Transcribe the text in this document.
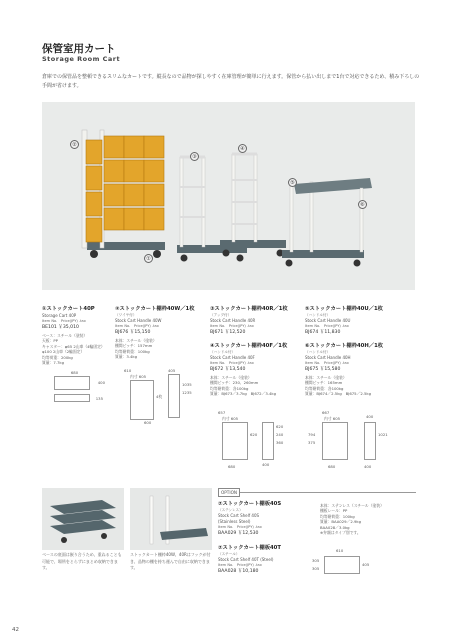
保管室用カート
Storage Room Cart
倉庫での保管品を整頓できるスリムなカートです。縦長なので品物が探しやすく在庫管理が簡単に行えます。保管から払い出しまで1台で対応できるため、積み下ろしの手間が省けます。
②
①
③
④
⑤
⑥
①ストックカート40P
Storage Cart 40P
Item No.　Price(JPY) .tax
BE101 ￥35,010
ベース：スチール（塗装）
天板：PP
キャスター：φ65 2山車（4輪固定）
φ100 2山車（2輪固定）
均等荷重：200kg
質量：7.7kg
680
400
135
②ストックカート棚枠40W／1枚
（ワイヤ付）
Stock Cart Handle 40W
Item No.　Price(JPY) .tax
BJ676 ￥15,150
本体：スチール（塗装）
棚間ピッチ：157mm
均等耐荷重：100kg
質量：3.4kg
610
内寸 605
405
1035
1235
4枚
600
③ストックカート棚枠40R／1枚
（アップ付）
Stock Cart Handle 40R
Item No.　Price(JPY) .tax
BJ671 ￥12,520
④ストックカート棚枠40F／1枚
（ハンドル付）
Stock Cart Handle 40F
Item No.　Price(JPY) .tax
BJ672 ￥13,540
本体：スチール（塗装）
棚間ピッチ：230、260mm
均等耐荷重：各100kg
質量：BJ673／3.7kg　BJ672／3.4kg
657
内寸 605
620
620
240
360
400
680
⑤ストックカート棚枠40U／1枚
（ハンドル付）
Stock Cart Handle 40U
Item No.　Price(JPY) .tax
BJ674 ￥11,830
⑥ストックカート棚枠40H／1枚
（ハンドル付）
Stock Cart Handle 40H
Item No.　Price(JPY) .tax
BJ675 ￥15,580
本体：スチール（塗装）
棚間ピッチ：165mm
均等耐荷重：各100kg
質量：BJ674／2.5kg　BJ675／2.5kg
667
内寸 605	400
794
375
1021
680	400
ベースの底面は嵌り合うため、重ねることも可能で、場所をとらずにまとめ収納できます。
ストックカート棚枠40W、40Rはフックが付き、品物の棚を持ち運んで自由に収納できます。
OPTION
⑦ストックカート棚板40S
（ステンレス）
Stock Cart Shelf 40S (Stainless Steel)
Item No.　Price(JPY) .tax
BAA029 ￥12,530
本体：ステンレス（スチール（塗装）
棚板レール：PP
均等耐荷重：100kg
質量：BAA029／2.9kg
BAA028／3.0kg
※弁額はタイプ別です。
⑦ストックカート棚板40T
（スチール）
Stock Cart Shelf 40T (Steel)
Item No.　Price(JPY) .tax
BAA028 ￥10,180
610
305
305
405
42
